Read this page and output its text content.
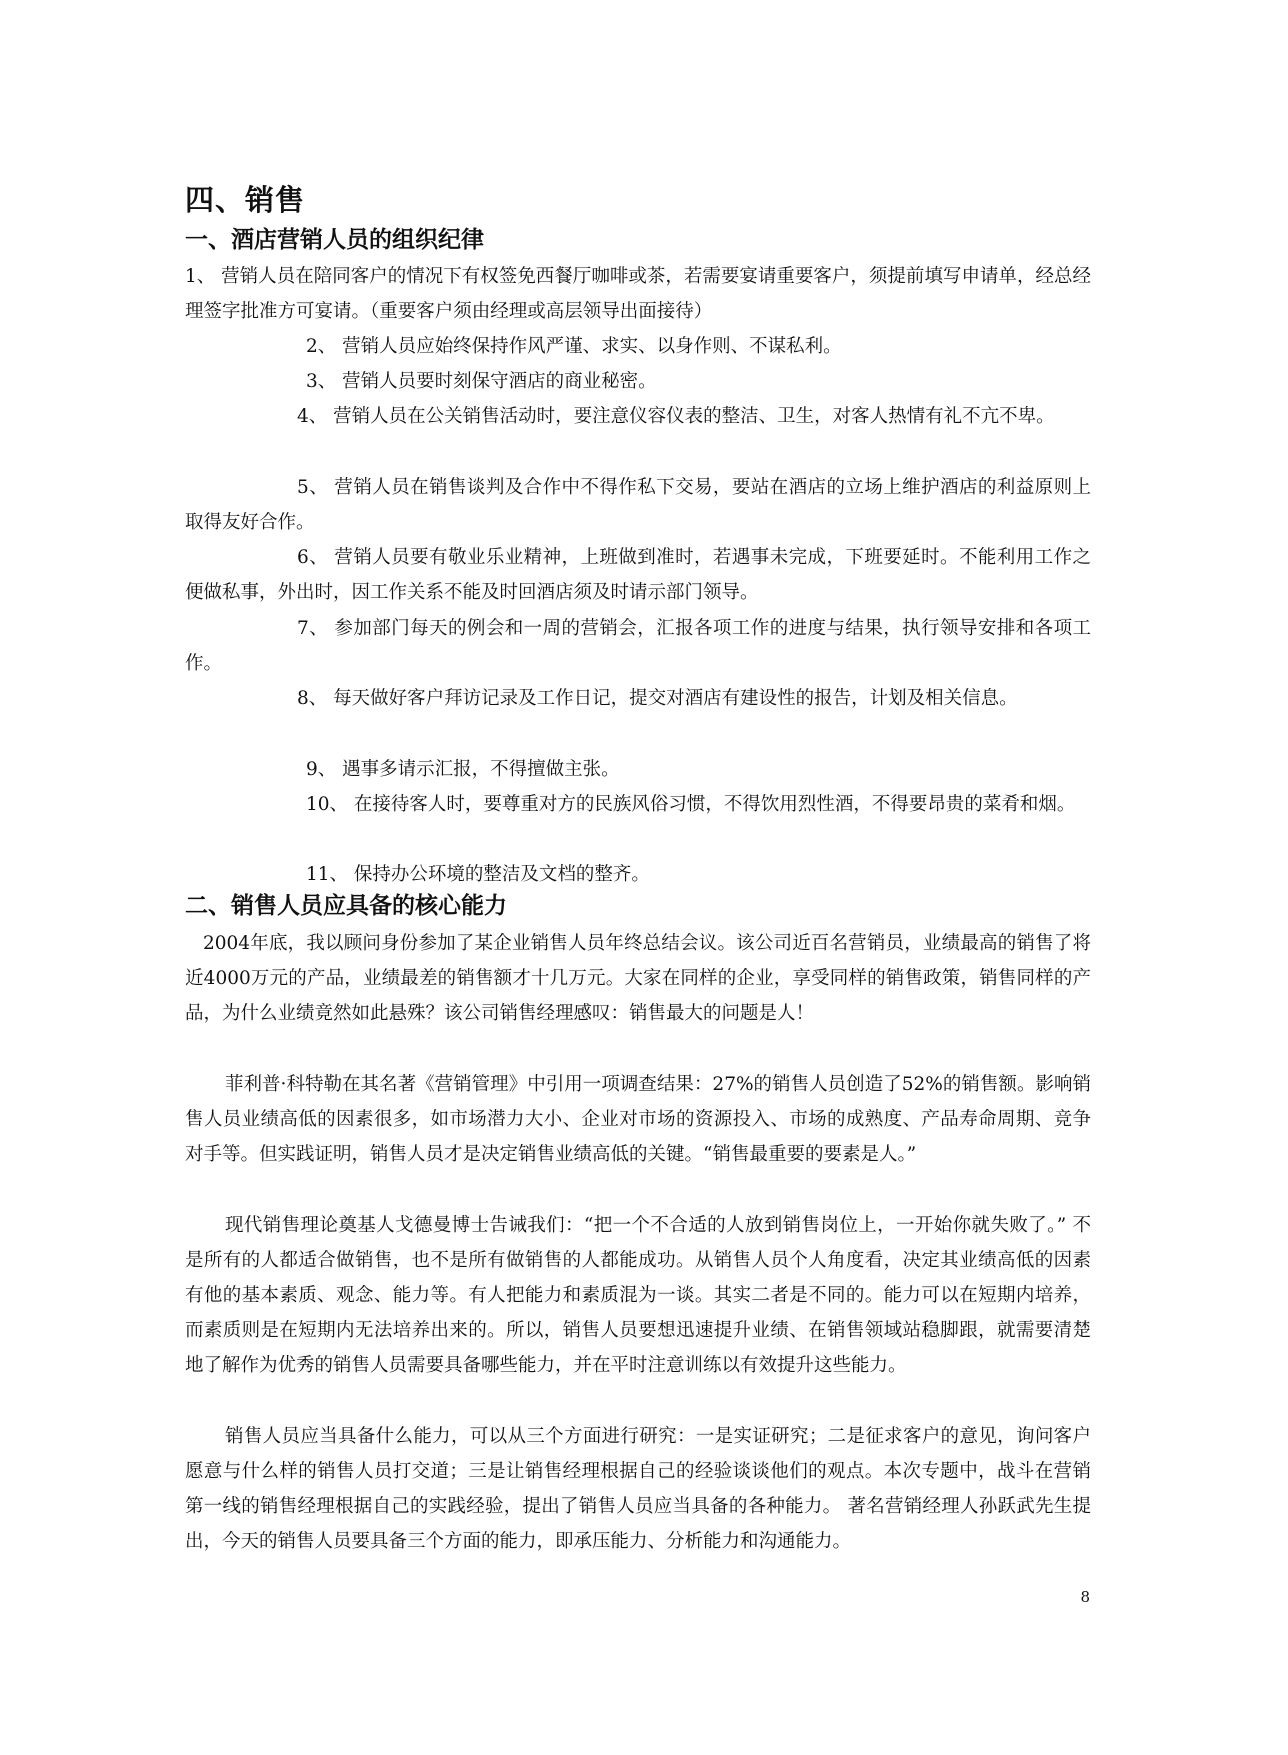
四、销售
一、酒店营销人员的组织纪律

1、 营销人员在陪同客户的情况下有权签免西餐厅咖啡或茶，若需要宴请重要客户，须提前填写申请单，经总经理签字批准方可宴请。（重要客户须由经理或高层领导出面接待）

2、 营销人员应始终保持作风严谨、求实、以身作则、不谋私利。

3、 营销人员要时刻保守酒店的商业秘密。

4、 营销人员在公关销售活动时，要注意仪容仪表的整洁、卫生，对客人热情有礼不亢不卑。

5、 营销人员在销售谈判及合作中不得作私下交易，要站在酒店的立场上维护酒店的利益原则上取得友好合作。

6、 营销人员要有敬业乐业精神，上班做到准时，若遇事未完成，下班要延时。不能利用工作之便做私事，外出时，因工作关系不能及时回酒店须及时请示部门领导。

7、 参加部门每天的例会和一周的营销会，汇报各项工作的进度与结果，执行领导安排和各项工作。

8、 每天做好客户拜访记录及工作日记，提交对酒店有建设性的报告，计划及相关信息。

9、 遇事多请示汇报，不得擅做主张。

10、 在接待客人时，要尊重对方的民族风俗习惯，不得饮用烈性酒，不得要昂贵的菜肴和烟。

11、 保持办公环境的整洁及文档的整齐。

二、销售人员应具备的核心能力

2004年底，我以顾问身份参加了某企业销售人员年终总结会议。该公司近百名营销员，业绩最高的销售了将近4000万元的产品，业绩最差的销售额才十几万元。大家在同样的企业，享受同样的销售政策，销售同样的产品，为什么业绩竟然如此悬殊？该公司销售经理感叹：销售最大的问题是人！

菲利普·科特勒在其名著《营销管理》中引用一项调查结果：27%的销售人员创造了52%的销售额。影响销售人员业绩高低的因素很多，如市场潜力大小、企业对市场的资源投入、市场的成熟度、产品寿命周期、竞争对手等。但实践证明，销售人员才是决定销售业绩高低的关键。“销售最重要的要素是人。”

现代销售理论奠基人戈德曼博士告诫我们：“把一个不合适的人放到销售岗位上，一开始你就失败了。” 不是所有的人都适合做销售，也不是所有做销售的人都能成功。从销售人员个人角度看，决定其业绩高低的因素有他的基本素质、观念、能力等。有人把能力和素质混为一谈。其实二者是不同的。能力可以在短期内培养，而素质则是在短期内无法培养出来的。所以，销售人员要想迅速提升业绩、在销售领域站稳脚跟，就需要清楚地了解作为优秀的销售人员需要具备哪些能力，并在平时注意训练以有效提升这些能力。

销售人员应当具备什么能力，可以从三个方面进行研究：一是实证研究；二是征求客户的意见，询问客户愿意与什么样的销售人员打交道；三是让销售经理根据自己的经验谈谈他们的观点。本次专题中，战斗在营销第一线的销售经理根据自己的实践经验，提出了销售人员应当具备的各种能力。 著名营销经理人孙跃武先生提出，今天的销售人员要具备三个方面的能力，即承压能力、分析能力和沟通能力。

8
